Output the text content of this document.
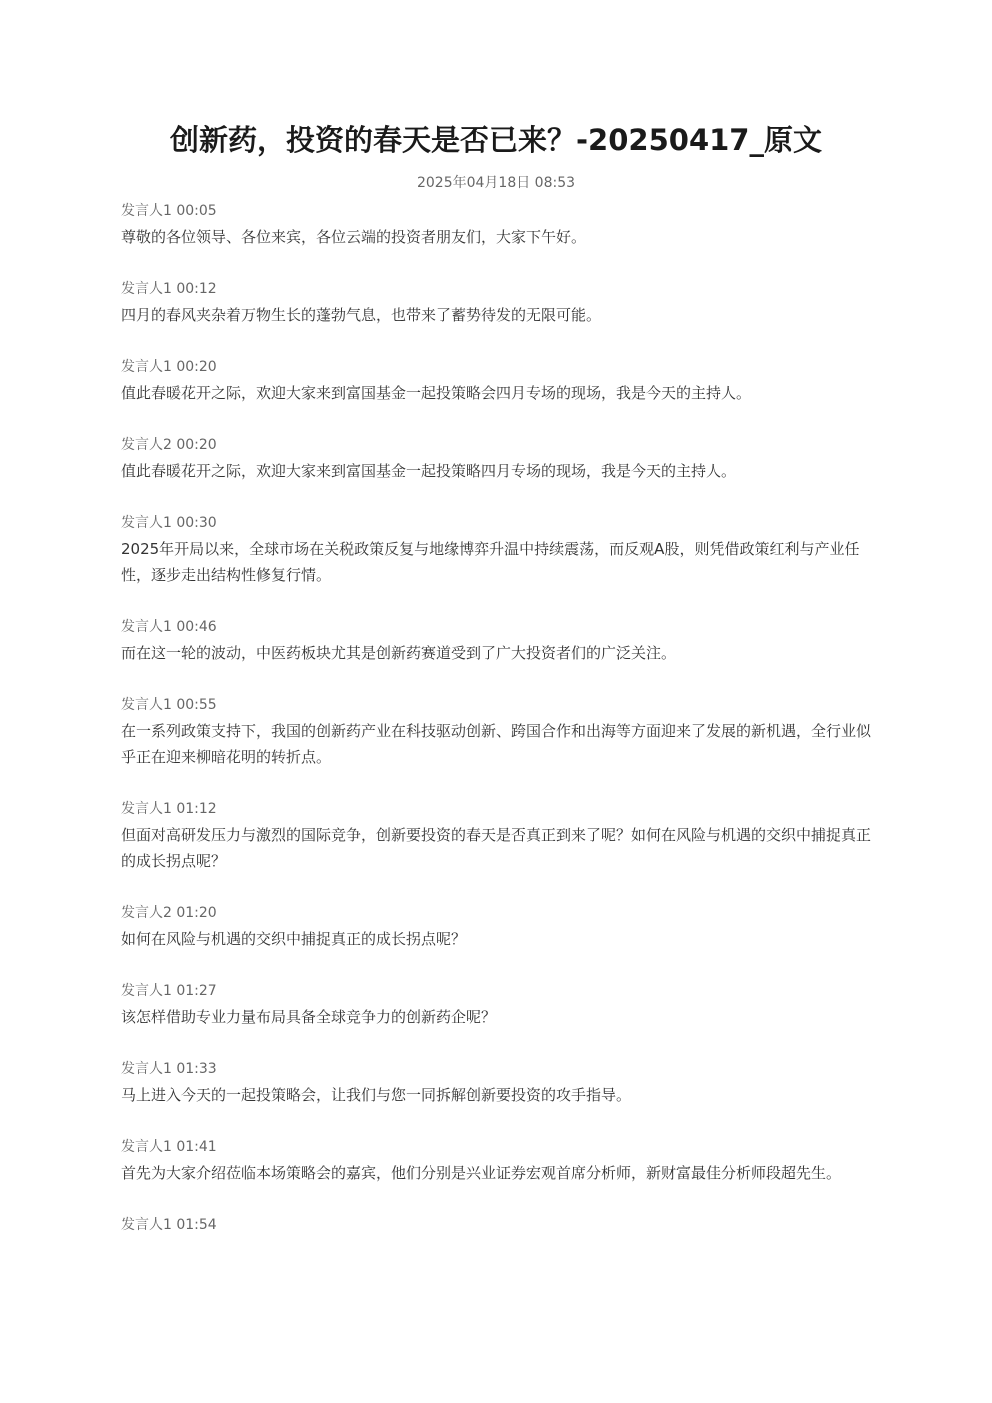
创新药，投资的春天是否已来？-20250417_原文
2025年04月18日 08:53
发言人1 00:05
尊敬的各位领导、各位来宾，各位云端的投资者朋友们，大家下午好。
发言人1 00:12
四月的春风夹杂着万物生长的蓬勃气息，也带来了蓄势待发的无限可能。
发言人1 00:20
值此春暖花开之际，欢迎大家来到富国基金一起投策略会四月专场的现场，我是今天的主持人。
发言人2 00:20
值此春暖花开之际，欢迎大家来到富国基金一起投策略四月专场的现场，我是今天的主持人。
发言人1 00:30
2025年开局以来，全球市场在关税政策反复与地缘博弈升温中持续震荡，而反观A股，则凭借政策红利与产业任性，逐步走出结构性修复行情。
发言人1 00:46
而在这一轮的波动，中医药板块尤其是创新药赛道受到了广大投资者们的广泛关注。
发言人1 00:55
在一系列政策支持下，我国的创新药产业在科技驱动创新、跨国合作和出海等方面迎来了发展的新机遇，全行业似乎正在迎来柳暗花明的转折点。
发言人1 01:12
但面对高研发压力与激烈的国际竞争，创新要投资的春天是否真正到来了呢？如何在风险与机遇的交织中捕捉真正的成长拐点呢？
发言人2 01:20
如何在风险与机遇的交织中捕捉真正的成长拐点呢？
发言人1 01:27
该怎样借助专业力量布局具备全球竞争力的创新药企呢？
发言人1 01:33
马上进入今天的一起投策略会，让我们与您一同拆解创新要投资的攻手指导。
发言人1 01:41
首先为大家介绍莅临本场策略会的嘉宾，他们分别是兴业证券宏观首席分析师，新财富最佳分析师段超先生。
发言人1 01:54
